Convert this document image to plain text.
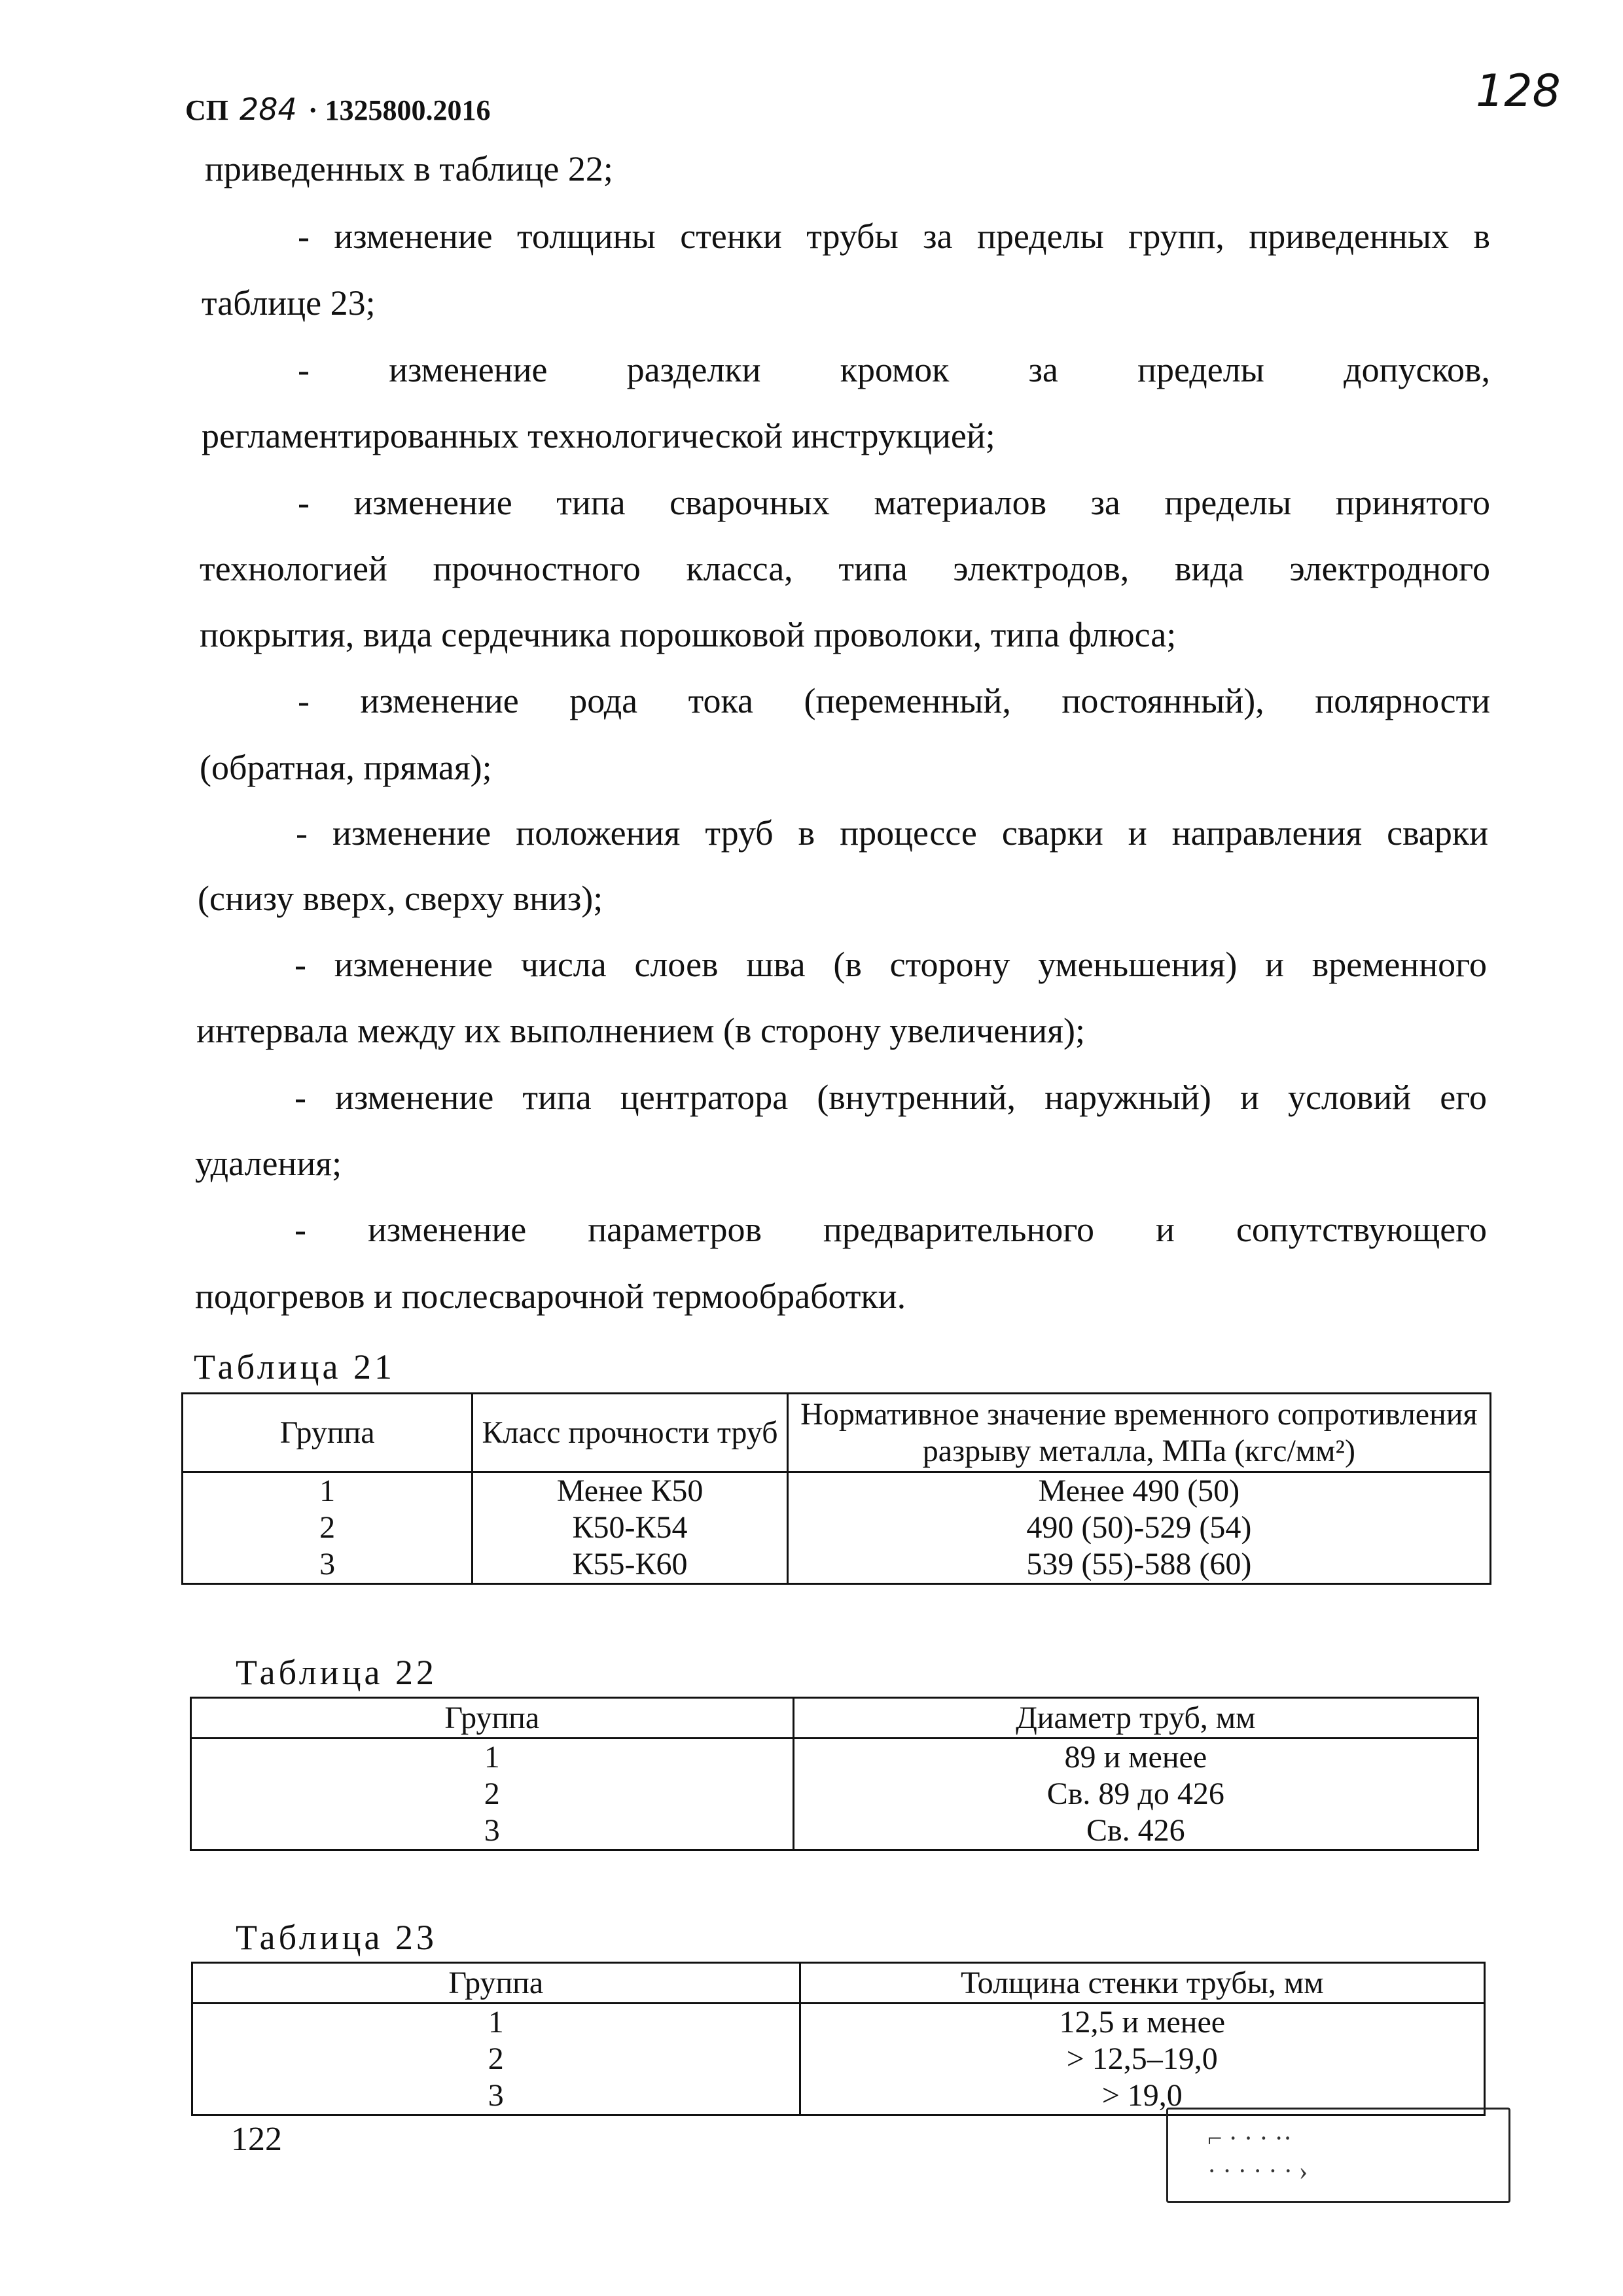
СП 284 · 1325800.2016	128

приведенных в таблице 22;

- изменение толщины стенки трубы за пределы групп, приведенных в

таблице 23;

- изменение разделки кромок за пределы допусков,

регламентированных технологической инструкцией;

- изменение типа сварочных материалов за пределы принятого

технологией прочностного класса, типа электродов, вида электродного

покрытия, вида сердечника порошковой проволоки, типа флюса;

- изменение рода тока (переменный, постоянный), полярности

(обратная, прямая);

- изменение положения труб в процессе сварки и направления сварки

(снизу вверх, сверху вниз);

- изменение числа слоев шва (в сторону уменьшения) и временного

интервала между их выполнением (в сторону увеличения);

- изменение типа центратора (внутренний, наружный) и условий его

удаления;

- изменение параметров предварительного и сопутствующего

подогревов и послесварочной термообработки.

Таблица 21
Группа	Класс прочности труб	Нормативное значение временного сопротивления разрыву металла, МПа (кгс/мм²)
1	Менее К50	Менее 490 (50)
2	К50-К54	490 (50)-529 (54)
3	К55-К60	539 (55)-588 (60)
Таблица 22
Группа	Диаметр труб, мм
1	89 и менее
2	Св. 89 до 426
3	Св. 426
Таблица 23
Группа	Толщина стенки трубы, мм
1	12,5 и менее
2	> 12,5–19,0
3	> 19,0
122	⌐ · · · ··
· · · · · · ›
